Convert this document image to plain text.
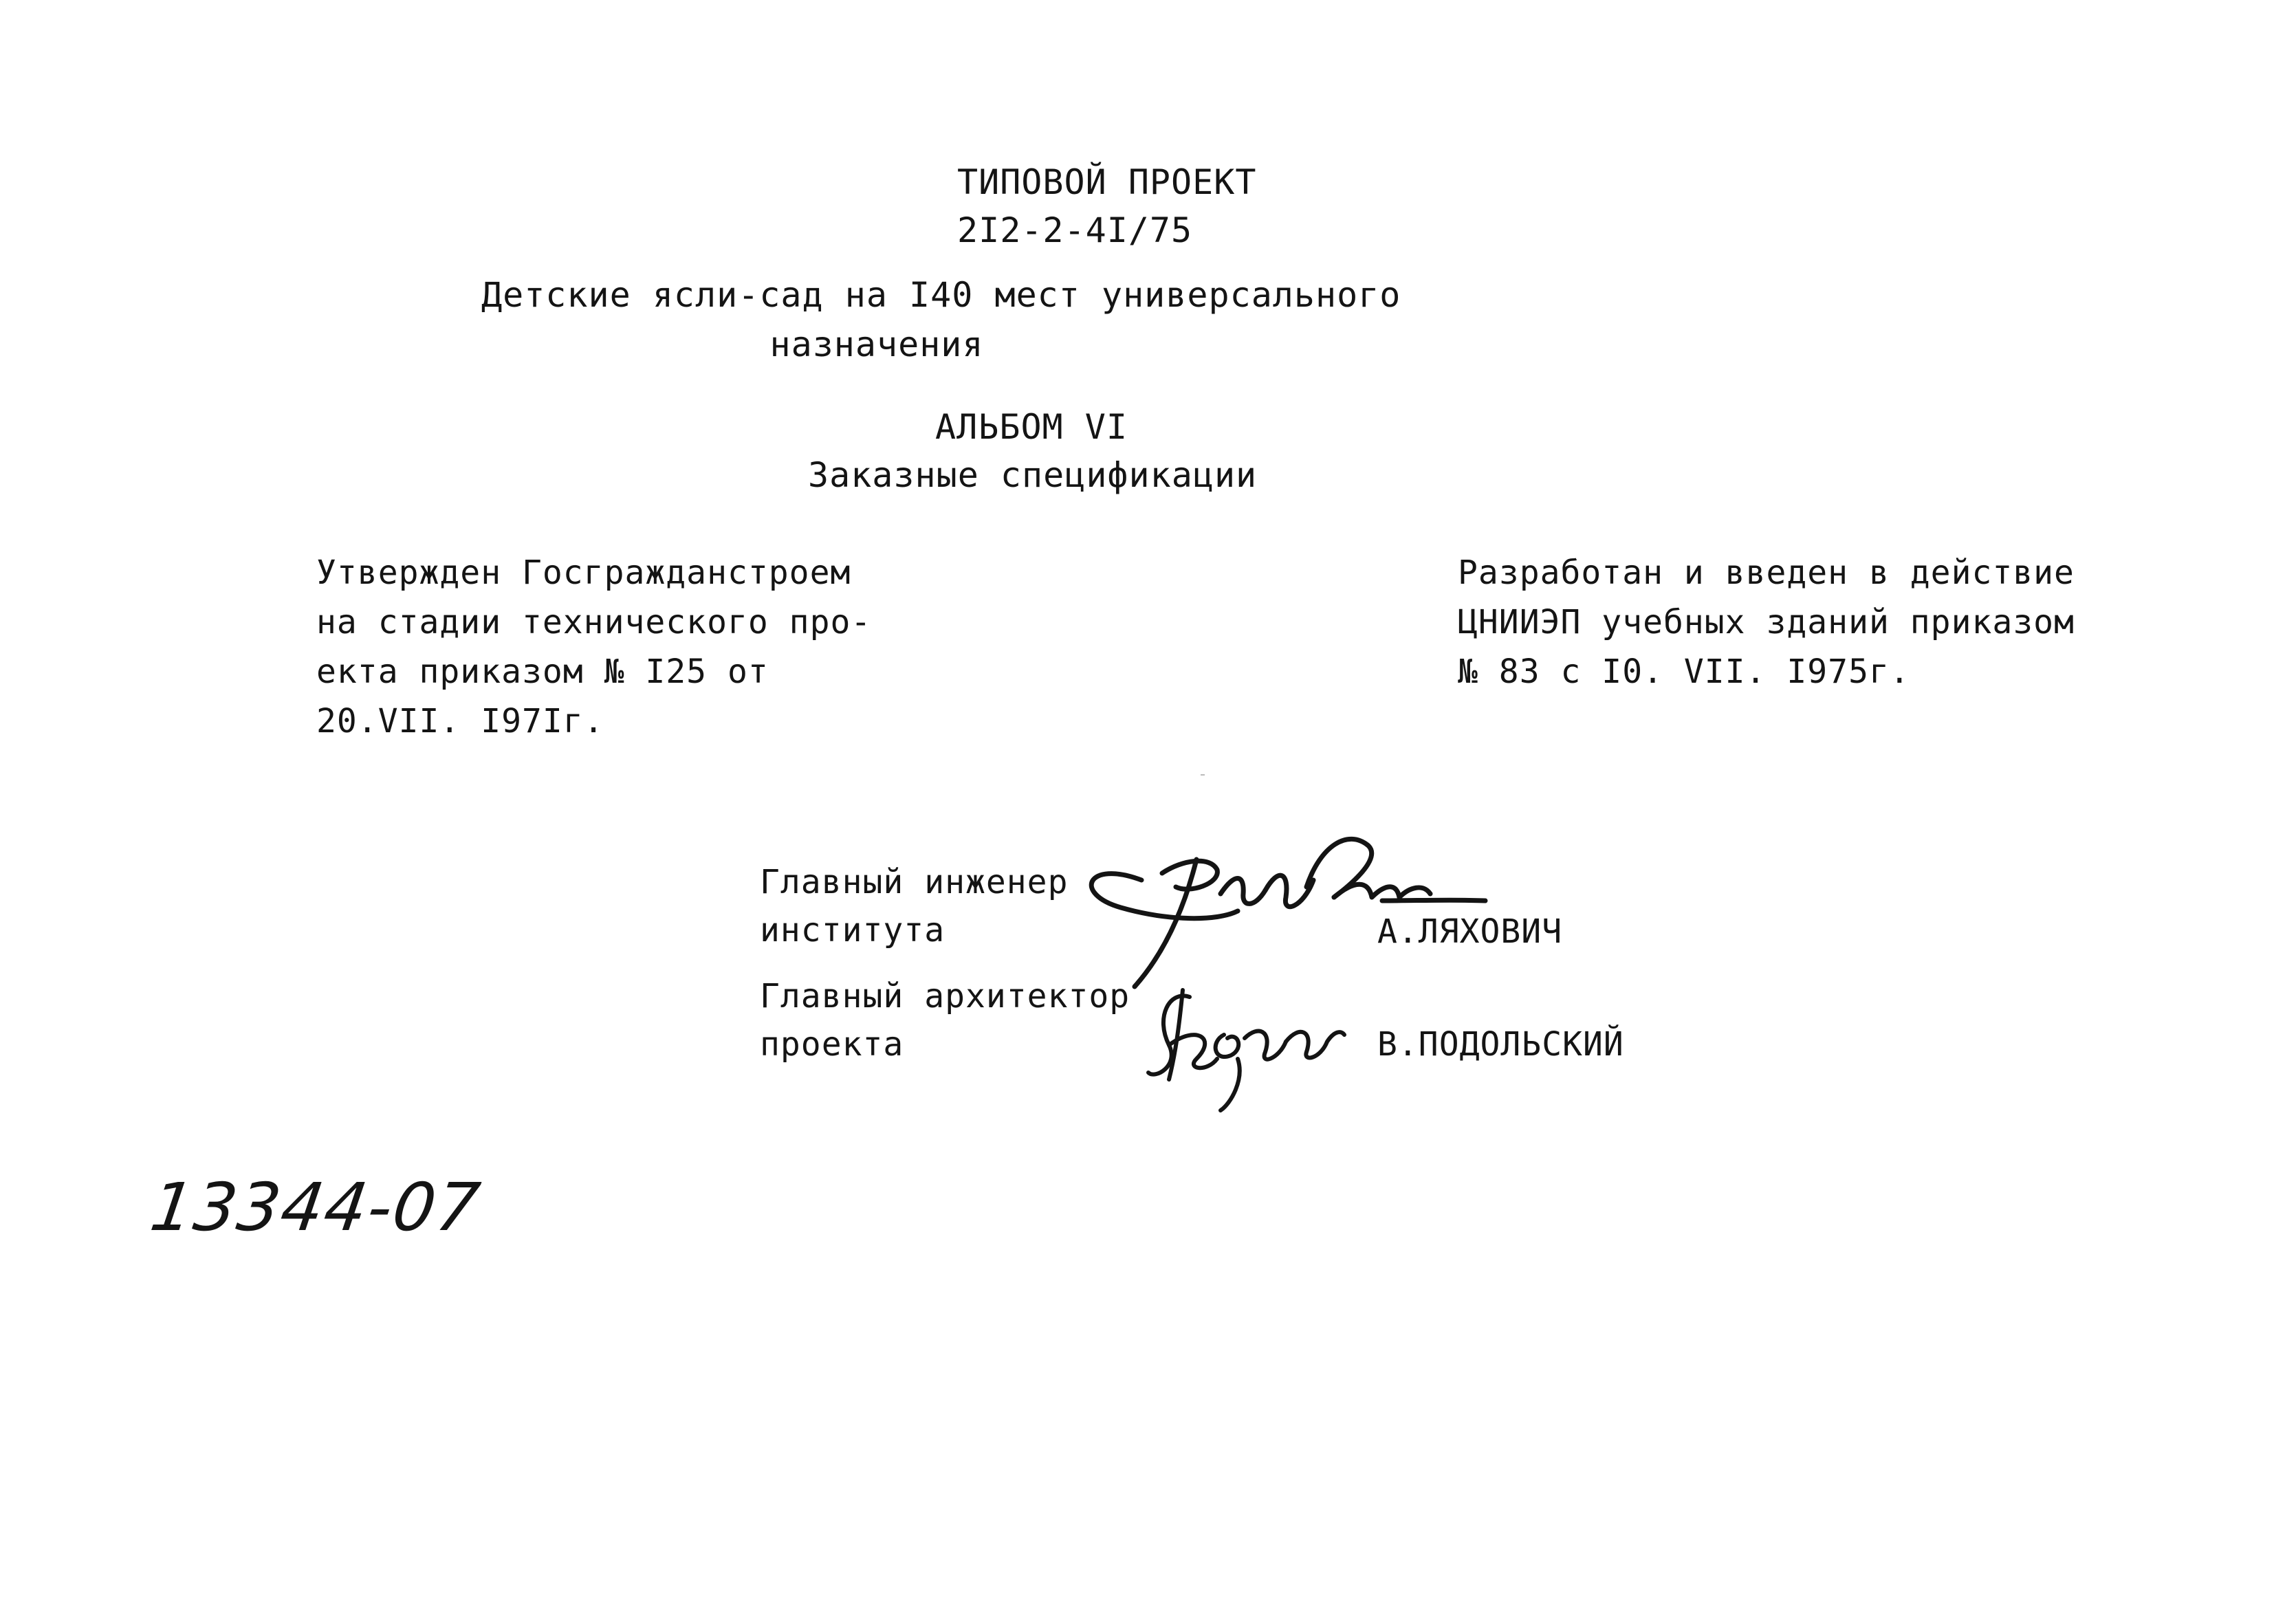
ТИПОВОЙ ПРОЕКТ
2I2-2-4I/75
Детские ясли-сад на I40 мест универсального
назначения
АЛЬБОМ VI
Заказные спецификации
Утвержден Госгражданстроем
на стадии технического про-
екта приказом № I25 от
20.VII. I97Iг.
Разработан и введен в действие
ЦНИИЭП учебных зданий приказом
№ 83 с I0. VII. I975г.
Главный инженер
института	А.ЛЯХОВИЧ
Главный архитектор
проекта	В.ПОДОЛЬСКИЙ
13344-07
